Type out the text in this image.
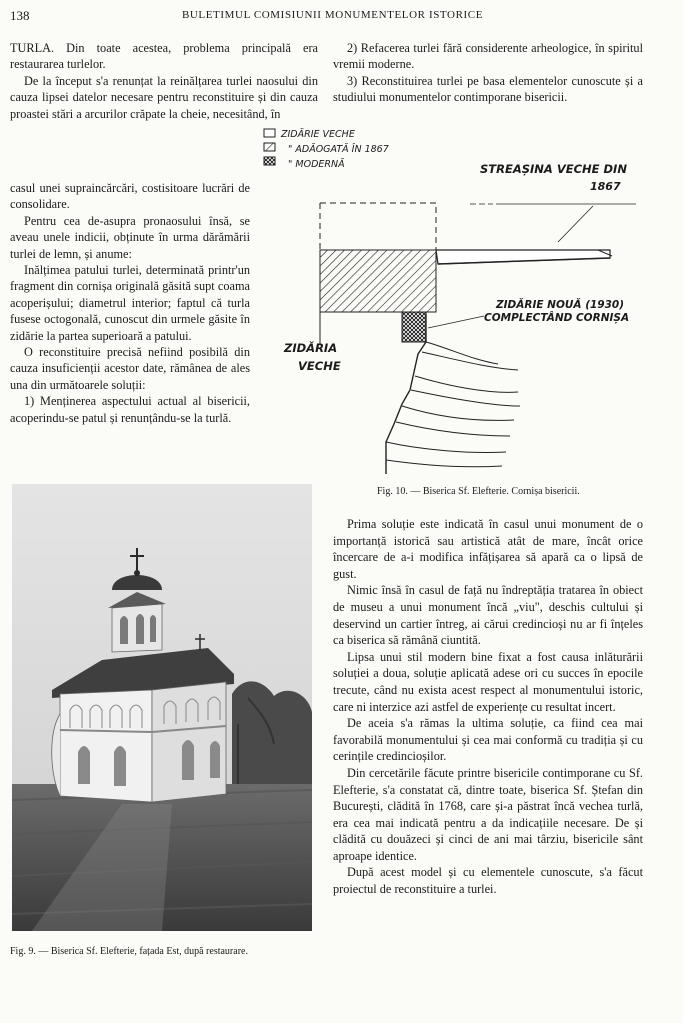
138	BULETIMUL COMISIUNII MONUMENTELOR ISTORICE

TURLA. Din toate acestea, problema principală era restaurarea turlelor.

De la început s'a renunțat la reinălțarea turlei naosului din cauza lipsei datelor necesare pentru reconstituire și din cauza proastei stări a arcurilor crăpate la cheie, necesitând, în

casul unei supraincărcări, costisitoare lucrări de consolidare.

Pentru cea de-asupra pronaosului însă, se aveau unele indicii, obținute în urma dărămării turlei de lemn, și anume:

Inălțimea patului turlei, determinată printr'un fragment din cornișa originală găsită supt coama acoperișului; diametrul interior; faptul că turla fusese octogonală, cunoscut din urmele găsite în zidărie la partea superioară a patului.

O reconstituire precisă nefiind posibilă din cauza insuficienții acestor date, rămânea de ales una din următoarele soluții:

1) Menținerea aspectului actual al bisericii, acoperindu-se patul și renunțându-se la turlă.

2) Refacerea turlei fără considerente arheologice, în spiritul vremii moderne.

3) Reconstituirea turlei pe basa elementelor cunoscute și a studiului monumentelor contimporane bisericii.

ZIDĂRIE VECHE
" ADĂOGATĂ ÎN 1867
" MODERNĂ	STREAȘINA VECHE DIN
1867
ZIDĂRIE NOUĂ (1930)
COMPLECTÂND CORNIȘA
ZIDĂRIA
VECHE
Fig. 10. — Biserica Sf. Elefterie. Cornișa bisericii.
Fig. 9. — Biserica Sf. Elefterie, fațada Est, după restaurare.

Prima soluție este indicată în casul unui monument de o importanță istorică sau artistică atât de mare, încât orice încercare de a-i modifica infățișarea să apară ca o lipsă de gust.

Nimic însă în casul de față nu îndreptăția tratarea în obiect de museu a unui monument încă „viu", deschis cultului și deservind un cartier întreg, ai cărui credincioși nu ar fi înțeles ca biserica să rămână ciuntită.

Lipsa unui stil modern bine fixat a fost causa inlăturării soluției a doua, soluție aplicată adese ori cu succes în epocile trecute, când nu exista acest respect al monumentului istoric, care ni interzice azi astfel de experiențe cu resultat incert.

De aceia s'a rămas la ultima soluție, ca fiind cea mai favorabilă monumentului și cea mai conformă cu tradiția și cu cerințile credincioșilor.

Din cercetările făcute printre bisericile contimporane cu Sf. Elefterie, s'a constatat că, dintre toate, biserica Sf. Ștefan din București, clădită în 1768, care și-a păstrat încă vechea turlă, era cea mai indicată pentru a da indicațiile necesare. De și clădită cu douăzeci și cinci de ani mai târziu, bisericile sânt aproape identice.

După acest model și cu elementele cunoscute, s'a făcut proiectul de reconstituire a turlei.
